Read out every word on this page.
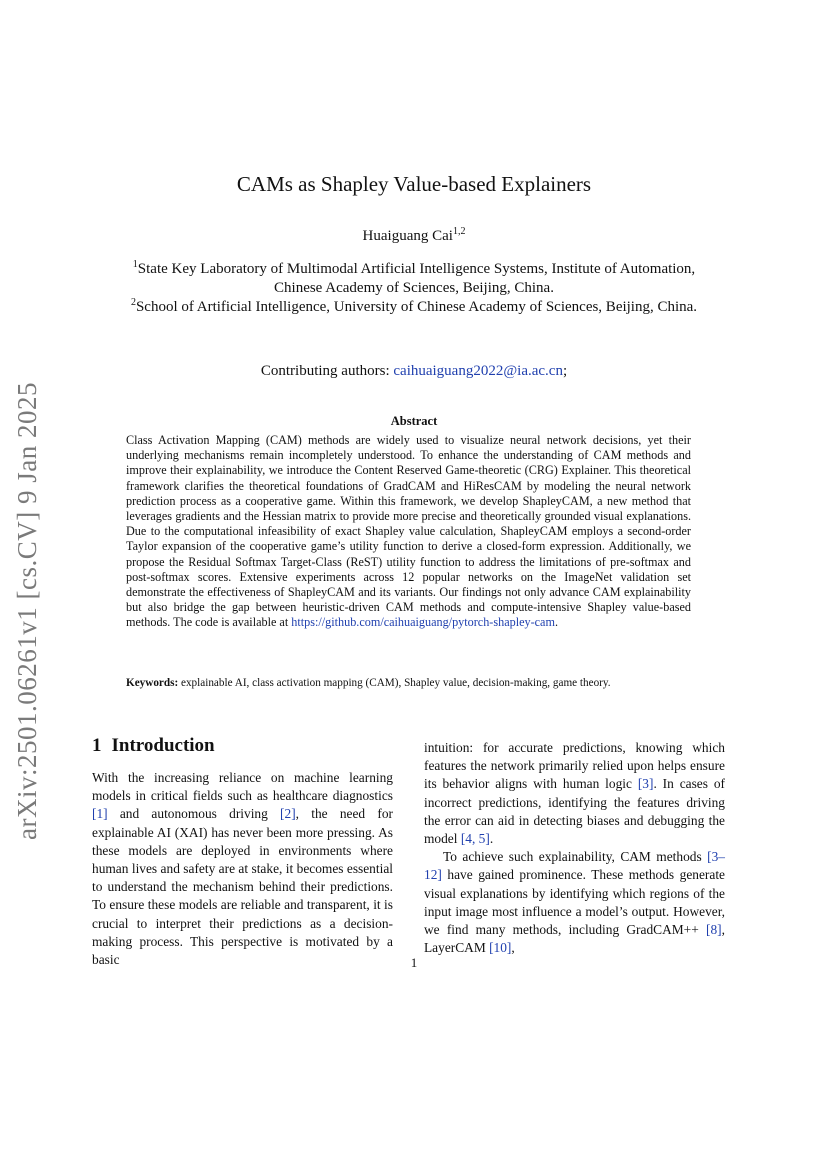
arXiv:2501.06261v1 [cs.CV] 9 Jan 2025
CAMs as Shapley Value-based Explainers
Huaiguang Cai$^{1,2}$
$^1$State Key Laboratory of Multimodal Artificial Intelligence Systems, Institute of Automation, Chinese Academy of Sciences, Beijing, China.
$^2$School of Artificial Intelligence, University of Chinese Academy of Sciences, Beijing, China.
Contributing authors: caihuaiguang2022@ia.ac.cn;
Abstract
Class Activation Mapping (CAM) methods are widely used to visualize neural network decisions, yet their underlying mechanisms remain incompletely understood. To enhance the understanding of CAM methods and improve their explainability, we introduce the Content Reserved Game-theoretic (CRG) Explainer. This theoretical framework clarifies the theoretical foundations of GradCAM and HiResCAM by modeling the neural network prediction process as a cooperative game. Within this framework, we develop ShapleyCAM, a new method that leverages gradients and the Hessian matrix to provide more precise and theoretically grounded visual explanations. Due to the computational infeasibility of exact Shapley value calculation, ShapleyCAM employs a second-order Taylor expansion of the cooperative game’s utility function to derive a closed-form expression. Additionally, we propose the Residual Softmax Target-Class (ReST) utility function to address the limitations of pre-softmax and post-softmax scores. Extensive experiments across 12 popular networks on the ImageNet validation set demonstrate the effectiveness of ShapleyCAM and its variants. Our findings not only advance CAM explainability but also bridge the gap between heuristic-driven CAM methods and compute-intensive Shapley value-based methods. The code is available at https://github.com/caihuaiguang/pytorch-shapley-cam.
Keywords: explainable AI, class activation mapping (CAM), Shapley value, decision-making, game theory.
1 Introduction

With the increasing reliance on machine learning models in critical fields such as healthcare diagnostics [1] and autonomous driving [2], the need for explainable AI (XAI) has never been more pressing. As these models are deployed in environments where human lives and safety are at stake, it becomes essential to understand the mechanism behind their predictions. To ensure these models are reliable and transparent, it is crucial to interpret their predictions as a decision-making process. This perspective is motivated by a basic

intuition: for accurate predictions, knowing which features the network primarily relied upon helps ensure its behavior aligns with human logic [3]. In cases of incorrect predictions, identifying the features driving the error can aid in detecting biases and debugging the model [4, 5].

To achieve such explainability, CAM methods [3–12] have gained prominence. These methods generate visual explanations by identifying which regions of the input image most influence a model’s output. However, we find many methods, including GradCAM++ [8], LayerCAM [10],

1
